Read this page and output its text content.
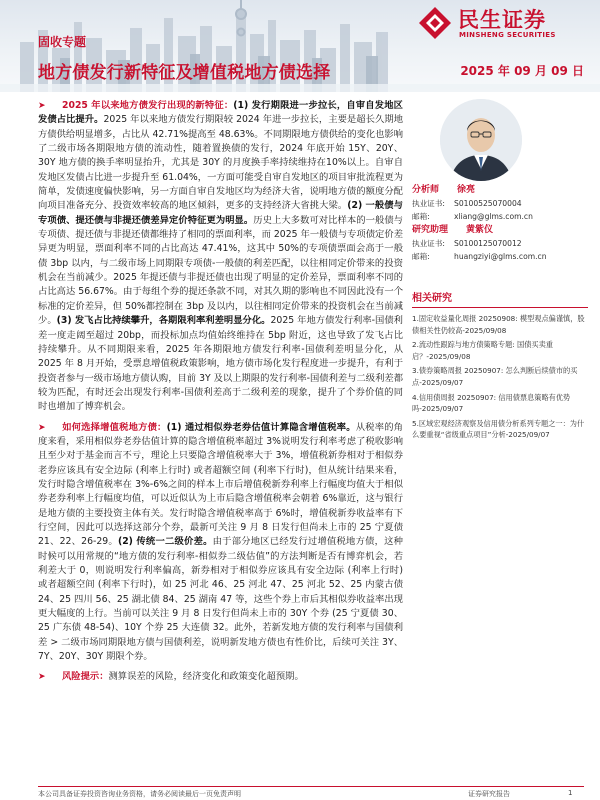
固收专题
地方债发行新特征及增值税地方债选择	2025 年 09 月 09 日
民生证券
MINSHENG SECURITIES
➤ 2025 年以来地方债发行出现的新特征：(1) 发行期限进一步拉长，自审自发地区发债占比提升。2025 年以来地方债发行期限较 2024 年进一步拉长，主要是超长久期地方债供给明显增多，占比从 42.71%提高至 48.63%。不同期限地方债供给的变化也影响了二级市场各期限地方债的流动性，随着置换债的发行，2024 年底开始 15Y、20Y、30Y 地方债的换手率明显抬升，尤其是 30Y 的月度换手率持续维持在10%以上。自审自发地区发债占比进一步提升至 61.04%，一方面可能受自审自发地区的项目审批流程更为简单，发债速度偏快影响，另一方面自审自发地区均为经济大省，说明地方债的额度分配向项目准备充分、投资效率较高的地区倾斜，更多的支持经济大省挑大梁。(2) 一般债与专项债、提还债与非提还债差异定价特征更为明显。历史上大多数可对比样本的一般债与专项债、提还债与非提还债都维持了相同的票面利率，而 2025 年一般债与专项债定价差异更为明显，票面利率不同的占比高达 47.41%，这其中 50%的专项债票面会高于一般债 3bp 以内，与二级市场上同期限专项债-一般债的利差匹配，以往相同定价带来的投资机会在当前减少。2025 年提还债与非提还债也出现了明显的定价差异，票面利率不同的占比高达 56.67%。由于每组个券的提还条款不同，对其久期的影响也不同因此没有一个标准的定价差异，但 50%都控制在 3bp 及以内，以往相同定价带来的投资机会在当前减少。(3) 发飞占比持续攀升，各期限利率利差明显分化。2025 年地方债发行利率-国债利差一度走阔至超过 20bp，而投标加点均值始终维持在 5bp 附近，这也导致了发飞占比持续攀升。从不同期限来看，2025 年各期限地方债发行利率-国债利差明显分化，从 2025 年 8 月开始，受票息增值税政策影响，地方债市场化发行程度进一步提升，有利于投资者参与一级市场地方债认购，目前 3Y 及以上期限的发行利率-国债利差与二级利差都较为匹配，有时还会出现发行利率-国债利差高于二级利差的现象，提升了个券价值的同时也增加了博弈机会。
➤ 如何选择增值税地方债：(1) 通过相似券老券估值计算隐含增值税率。从税率的角度来看，采用相似券老券估值计算的隐含增值税率超过 3%说明发行利率考虑了税收影响且至少对于基金而言不亏，理论上只要隐含增值税率大于 3%，增值税新券相对于相似券老券应该具有安全边际 (利率上行时) 或者超额空间 (利率下行时)，但从统计结果来看，发行时隐含增值税率在 3%-6%之间的样本上市后增值税新券利率上行幅度均值大于相似券老券利率上行幅度均值，可以近似认为上市后隐含增值税率会朝着 6%靠近，这与银行是地方债的主要投资主体有关。发行时隐含增值税率高于 6%时，增值税新券收益率有下行空间，因此可以选择这部分个券，最新可关注 9 月 8 日发行但尚未上市的 25 宁夏债 21、22、26-29。(2) 传统一二级价差。由于部分地区已经发行过增值税地方债，这种时候可以用常规的“地方债的发行利率-相似券二级估值”的方法判断是否有博弈机会，若利差大于 0，则说明发行利率偏高，新券相对于相似券应该具有安全边际 (利率上行时) 或者超额空间 (利率下行时)，如 25 河北 46、25 河北 47、25 河北 52、25 内蒙古债 24、25 四川 56、25 湖北债 84、25 湖南 47 等，这些个券上市后其相似券收益率出现更大幅度的上行。当前可以关注 9 月 8 日发行但尚未上市的 30Y 个券 (25 宁夏债 30、25 广东债 48-54)、10Y 个券 25 大连债 32。此外，若新发地方债的发行利率与国债利差 > 二级市场同期限地方债与国债利差，说明新发地方债也有性价比，后续可关注 3Y、7Y、20Y、30Y 期限个券。
➤ 风险提示：测算误差的风险，经济变化和政策变化超预期。
分析师 徐亮
执业证书: S0100525070004
邮箱:	xliang@glms.com.cn
研究助理 黄紫仪
执业证书: S0100125070012
邮箱:	huangziyi@glms.com.cn
相关研究
1.固定收益量化周报 20250908: 模型观点偏谨慎，股债相关性仍较高-2025/09/08
2.流动性跟踪与地方债策略专题: 国债买卖重启？-2025/09/08
3.债券策略周报 20250907: 怎么判断后续债市的买点-2025/09/07
4.信用债周报 20250907: 信用债票息策略有优势吗-2025/09/07
5.区域宏观经济观察及信用债分析系列专题之一：为什么要重视“省级重点项目”分析-2025/09/07
本公司具备证券投资咨询业务资格，请务必阅读最后一页免责声明	证券研究报告	1
